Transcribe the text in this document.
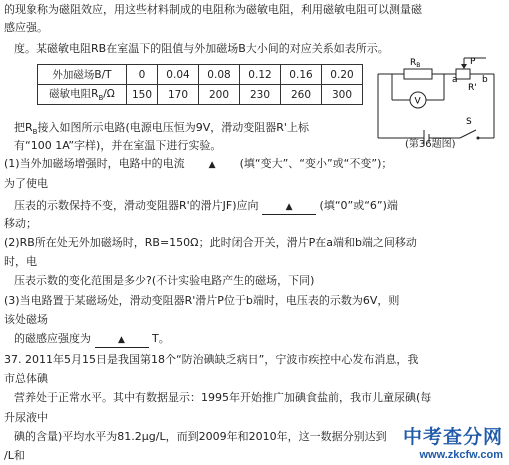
的现象称为磁阻效应，用这些材料制成的电阻称为磁敏电阻，利用磁敏电阻可以测量磁
感应强。
度。某磁敏电阻RB在室温下的阻值与外加磁场B大小间的对应关系如表所示。
外加磁场B/T	0	0.04	0.08	0.12	0.16	0.20
磁敏电阻$R_B/\Omega$	150	170	200	230	260	300
$R_B$	P
a	b
R'
V
S
(第36题图)
把$R_B$接入如图所示电路(电源电压恒为9V，滑动变阻器R'上标
有“100 1A”字样)，并在室温下进行实验。
(1)当外加磁场增强时，电路中的电流	▲ (填“变大”、“变小”或“不变”)；
为了使电
压表的示数保持不变，滑动变阻器R'的滑片JF)应向	▲ (填“0”或“6”)端
移动；
(2)RB所在处无外加磁场时，RB=150Ω；此时闭合开关，滑片P在a端和b端之间移动
时，电
压表示数的变化范围是多少?(不计实验电路产生的磁场，下同)
(3)当电路置于某磁场处，滑动变阻器R'滑片P位于b端时，电压表的示数为6V，则
该处磁场
的磁感应强度为	▲ T。
37. 2011年5月15日是我国第18个“防治碘缺乏病日”，宁波市疾控中心发布消息，我
市总体碘
营养处于正常水平。其中有数据显示：1995年开始推广加碘食盐前，我市儿童尿碘(每
升尿液中
碘的含量)平均水平为81.2μg/L，而到2009年和2010年，这一数据分别达到
/L和
中考查分网
www.zkcfw.com
